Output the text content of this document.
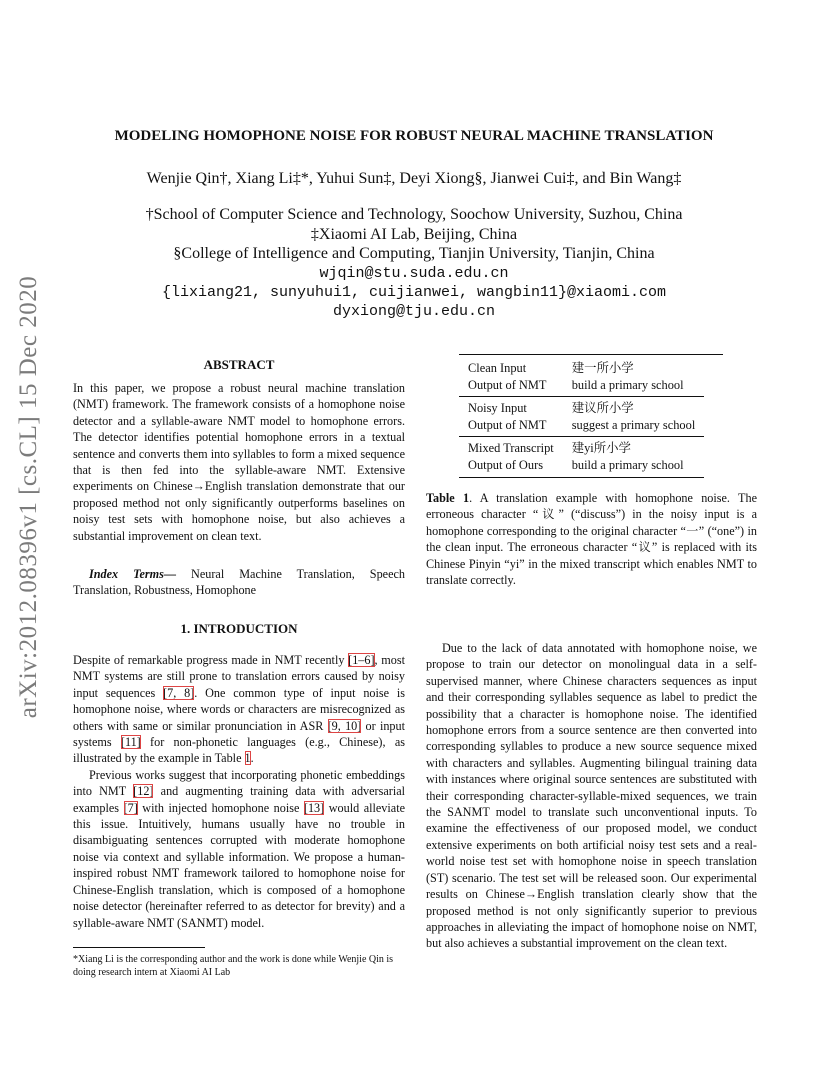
arXiv:2012.08396v1 [cs.CL] 15 Dec 2020
MODELING HOMOPHONE NOISE FOR ROBUST NEURAL MACHINE TRANSLATION
Wenjie Qin†, Xiang Li‡*, Yuhui Sun‡, Deyi Xiong§, Jianwei Cui‡, and Bin Wang‡
†School of Computer Science and Technology, Soochow University, Suzhou, China
‡Xiaomi AI Lab, Beijing, China
§College of Intelligence and Computing, Tianjin University, Tianjin, China
wjqin@stu.suda.edu.cn
{lixiang21, sunyuhui1, cuijianwei, wangbin11}@xiaomi.com
dyxiong@tju.edu.cn
ABSTRACT

In this paper, we propose a robust neural machine translation (NMT) framework. The framework consists of a homophone noise detector and a syllable-aware NMT model to homophone errors. The detector identifies potential homophone errors in a textual sentence and converts them into syllables to form a mixed sequence that is then fed into the syllable-aware NMT. Extensive experiments on Chinese→English translation demonstrate that our proposed method not only significantly outperforms baselines on noisy test sets with homophone noise, but also achieves a substantial improvement on clean text.

Index Terms— Neural Machine Translation, Speech Translation, Robustness, Homophone

1. INTRODUCTION

Despite of remarkable progress made in NMT recently [1–6], most NMT systems are still prone to translation errors caused by noisy input sequences [7, 8]. One common type of input noise is homophone noise, where words or characters are misrecognized as others with same or similar pronunciation in ASR [9, 10] or input systems [11] for non-phonetic languages (e.g., Chinese), as illustrated by the example in Table 1.

Previous works suggest that incorporating phonetic embeddings into NMT [12] and augmenting training data with adversarial examples [7] with injected homophone noise [13] would alleviate this issue. Intuitively, humans usually have no trouble in disambiguating sentences corrupted with moderate homophone noise via context and syllable information. We propose a human-inspired robust NMT framework tailored to homophone noise for Chinese-English translation, which is composed of a homophone noise detector (hereinafter referred to as detector for brevity) and a syllable-aware NMT (SANMT) model.

*Xiang Li is the corresponding author and the work is done while Wenjie Qin is doing research intern at Xiaomi AI Lab
Clean Input	建一所小学
Output of NMT	build a primary school
Noisy Input	建议所小学
Output of NMT	suggest a primary school
Mixed Transcript	建yi所小学
Output of Ours	build a primary school

Table 1. A translation example with homophone noise. The erroneous character “议” (“discuss”) in the noisy input is a homophone corresponding to the original character “一” (“one”) in the clean input. The erroneous character “议” is replaced with its Chinese Pinyin “yi” in the mixed transcript which enables NMT to translate correctly.

Due to the lack of data annotated with homophone noise, we propose to train our detector on monolingual data in a self-supervised manner, where Chinese characters sequences as input and their corresponding syllables sequence as label to predict the possibility that a character is homophone noise. The identified homophone errors from a source sentence are then converted into corresponding syllables to produce a new source sequence mixed with characters and syllables. Augmenting bilingual training data with instances where original source sentences are substituted with their corresponding character-syllable-mixed sequences, we train the SANMT model to translate such unconventional inputs. To examine the effectiveness of our proposed model, we conduct extensive experiments on both artificial noisy test sets and a real-world noise test set with homophone noise in speech translation (ST) scenario. The test set will be released soon. Our experimental results on Chinese→English translation clearly show that the proposed method is not only significantly superior to previous approaches in alleviating the impact of homophone noise on NMT, but also achieves a substantial improvement on the clean text.
